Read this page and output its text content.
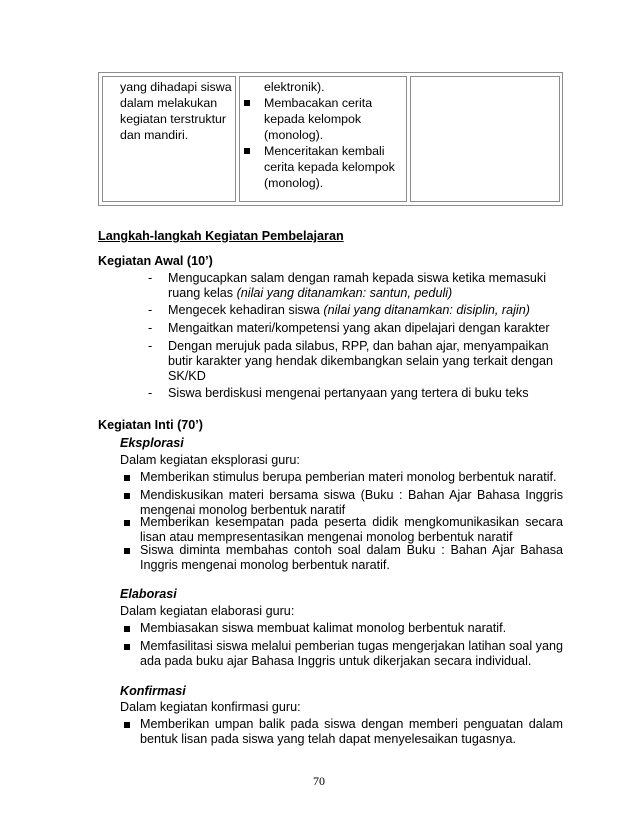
yang dihadapi siswa
dalam melakukan
kegiatan terstruktur
dan mandiri.
elektronik).
Membacakan cerita
kepada kelompok
(monolog).
Menceritakan kembali
cerita kepada kelompok
(monolog).
Langkah-langkah Kegiatan Pembelajaran
Kegiatan Awal (10’)
- Mengucapkan salam dengan ramah kepada siswa ketika memasuki
ruang kelas (nilai yang ditanamkan: santun, peduli)
- Mengecek kehadiran siswa (nilai yang ditanamkan: disiplin, rajin)
- Mengaitkan materi/kompetensi yang akan dipelajari dengan karakter
- Dengan merujuk pada silabus, RPP, dan bahan ajar, menyampaikan
butir karakter yang hendak dikembangkan selain yang terkait dengan
SK/KD
- Siswa berdiskusi mengenai pertanyaan yang tertera di buku teks
Kegiatan Inti (70’)
Eksplorasi
Dalam kegiatan eksplorasi guru:
Memberikan stimulus berupa pemberian materi monolog berbentuk naratif.
Mendiskusikan materi bersama siswa (Buku : Bahan Ajar Bahasa Inggris
mengenai monolog berbentuk naratif
Memberikan kesempatan pada peserta didik mengkomunikasikan secara
lisan atau mempresentasikan mengenai monolog berbentuk naratif
Siswa diminta membahas contoh soal dalam Buku : Bahan Ajar Bahasa
Inggris mengenai monolog berbentuk naratif.
Elaborasi
Dalam kegiatan elaborasi guru:
Membiasakan siswa membuat kalimat monolog berbentuk naratif.
Memfasilitasi siswa melalui pemberian tugas mengerjakan latihan soal yang
ada pada buku ajar Bahasa Inggris untuk dikerjakan secara individual.
Konfirmasi
Dalam kegiatan konfirmasi guru:
Memberikan umpan balik pada siswa dengan memberi penguatan dalam
bentuk lisan pada siswa yang telah dapat menyelesaikan tugasnya.
70
